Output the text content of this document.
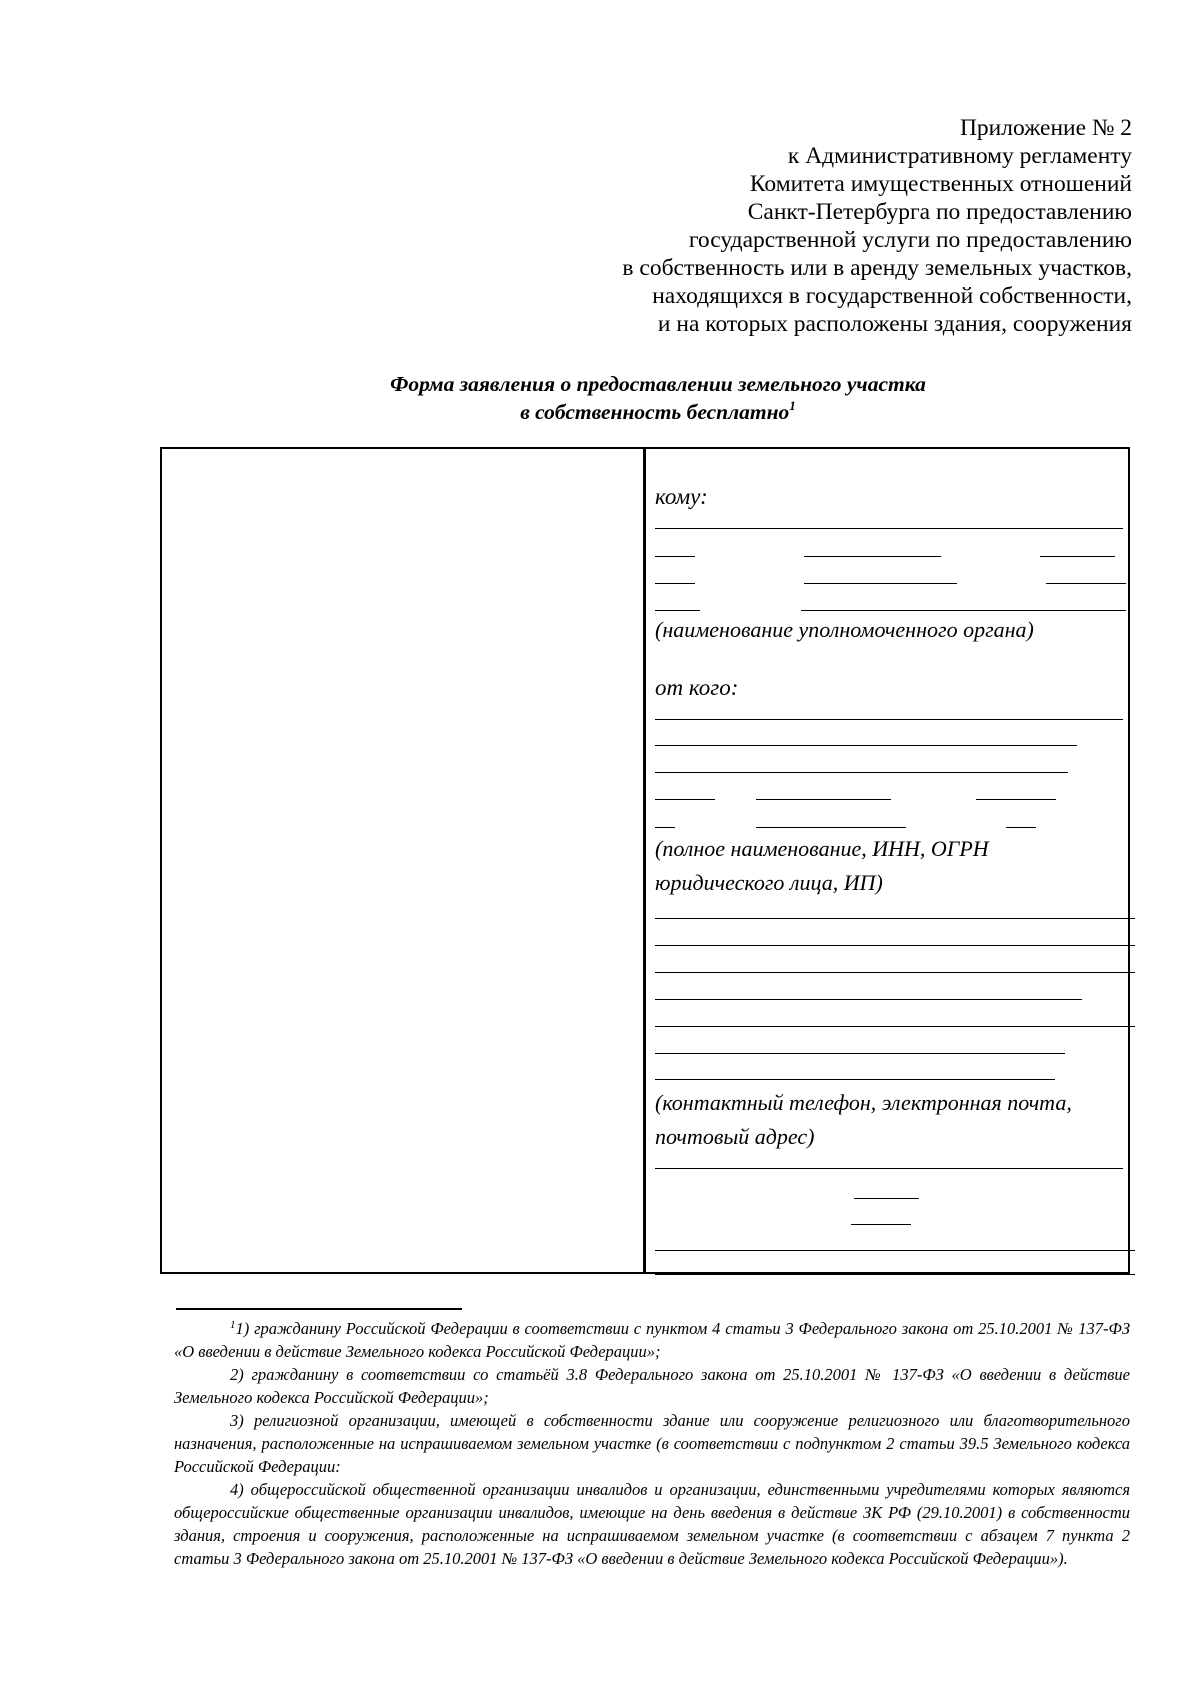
Приложение № 2
к Административному регламенту
Комитета имущественных отношений
Санкт-Петербурга по предоставлению
государственной услуги по предоставлению
в собственность или в аренду земельных участков,
находящихся в государственной собственности,
и на которых расположены здания, сооружения
Форма заявления о предоставлении земельного участка
в собственность бесплатно$^1$
кому:
(наименование уполномоченного органа)
от кого:
(полное наименование, ИНН, ОГРН
юридического лица, ИП)
(контактный телефон, электронная почта,
почтовый адрес)

$^1$1) гражданину Российской Федерации в соответствии с пунктом 4 статьи 3 Федерального закона от 25.10.2001 № 137-ФЗ «О введении в действие Земельного кодекса Российской Федерации»;

2) гражданину в соответствии со статьёй 3.8 Федерального закона от 25.10.2001 № 137-ФЗ «О введении в действие Земельного кодекса Российской Федерации»;

3) религиозной организации, имеющей в собственности здание или сооружение религиозного или благотворительного назначения, расположенные на испрашиваемом земельном участке (в соответствии с подпунктом 2 статьи 39.5 Земельного кодекса Российской Федерации:

4) общероссийской общественной организации инвалидов и организации, единственными учредителями которых являются общероссийские общественные организации инвалидов, имеющие на день введения в действие ЗК РФ (29.10.2001) в собственности здания, строения и сооружения, расположенные на испрашиваемом земельном участке (в соответствии с абзацем 7 пункта 2 статьи 3 Федерального закона от 25.10.2001 № 137-ФЗ «О введении в действие Земельного кодекса Российской Федерации»).
